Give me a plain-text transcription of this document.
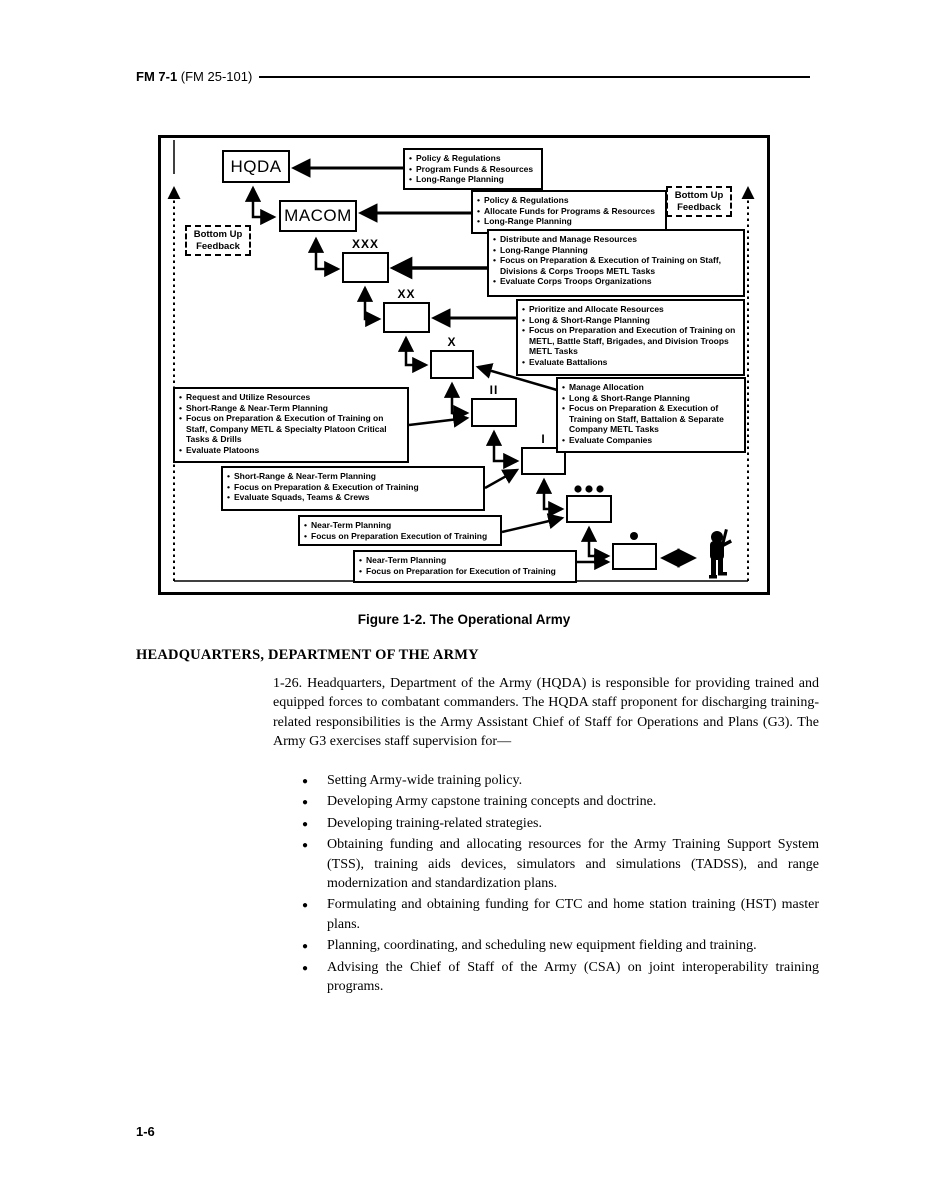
FM 7-1 (FM 25-101)
HQDA
MACOM
XXX
XX
X
II
I
Bottom Up Feedback
Bottom Up Feedback
• Policy & Regulations
• Program Funds & Resources
• Long-Range Planning
• Policy & Regulations
• Allocate Funds for Programs & Resources
• Long-Range Planning
• Distribute and Manage Resources
• Long-Range Planning
• Focus on Preparation & Execution of Training on Staff, Divisions & Corps Troops METL Tasks
• Evaluate Corps Troops Organizations
• Prioritize and Allocate Resources
• Long & Short-Range Planning
• Focus on Preparation and Execution of Training on METL, Battle Staff, Brigades, and Division Troops METL Tasks
• Evaluate Battalions
• Manage Allocation
• Long & Short-Range Planning
• Focus on Preparation & Execution of Training on Staff, Battalion & Separate Company METL Tasks
• Evaluate Companies
• Request and Utilize Resources
• Short-Range & Near-Term Planning
• Focus on Preparation & Execution of Training on Staff, Company METL & Specialty Platoon Critical Tasks & Drills
• Evaluate Platoons
• Short-Range & Near-Term Planning
• Focus on Preparation & Execution of Training
• Evaluate Squads, Teams & Crews
• Near-Term Planning
• Focus on Preparation Execution of Training
• Near-Term Planning
• Focus on Preparation for Execution of Training
Figure 1-2. The Operational Army
HEADQUARTERS, DEPARTMENT OF THE ARMY
1-26. Headquarters, Department of the Army (HQDA) is responsible for providing trained and equipped forces to combatant commanders. The HQDA staff proponent for discharging training-related responsibilities is the Army Assistant Chief of Staff for Operations and Plans (G3). The Army G3 exercises staff supervision for—
● Setting Army-wide training policy.
● Developing Army capstone training concepts and doctrine.
● Developing training-related strategies.
● Obtaining funding and allocating resources for the Army Training Support System (TSS), training aids devices, simulators and simulations (TADSS), and range modernization and standardization plans.
● Formulating and obtaining funding for CTC and home station training (HST) master plans.
● Planning, coordinating, and scheduling new equipment fielding and training.
● Advising the Chief of Staff of the Army (CSA) on joint interoperability training programs.
1-6
